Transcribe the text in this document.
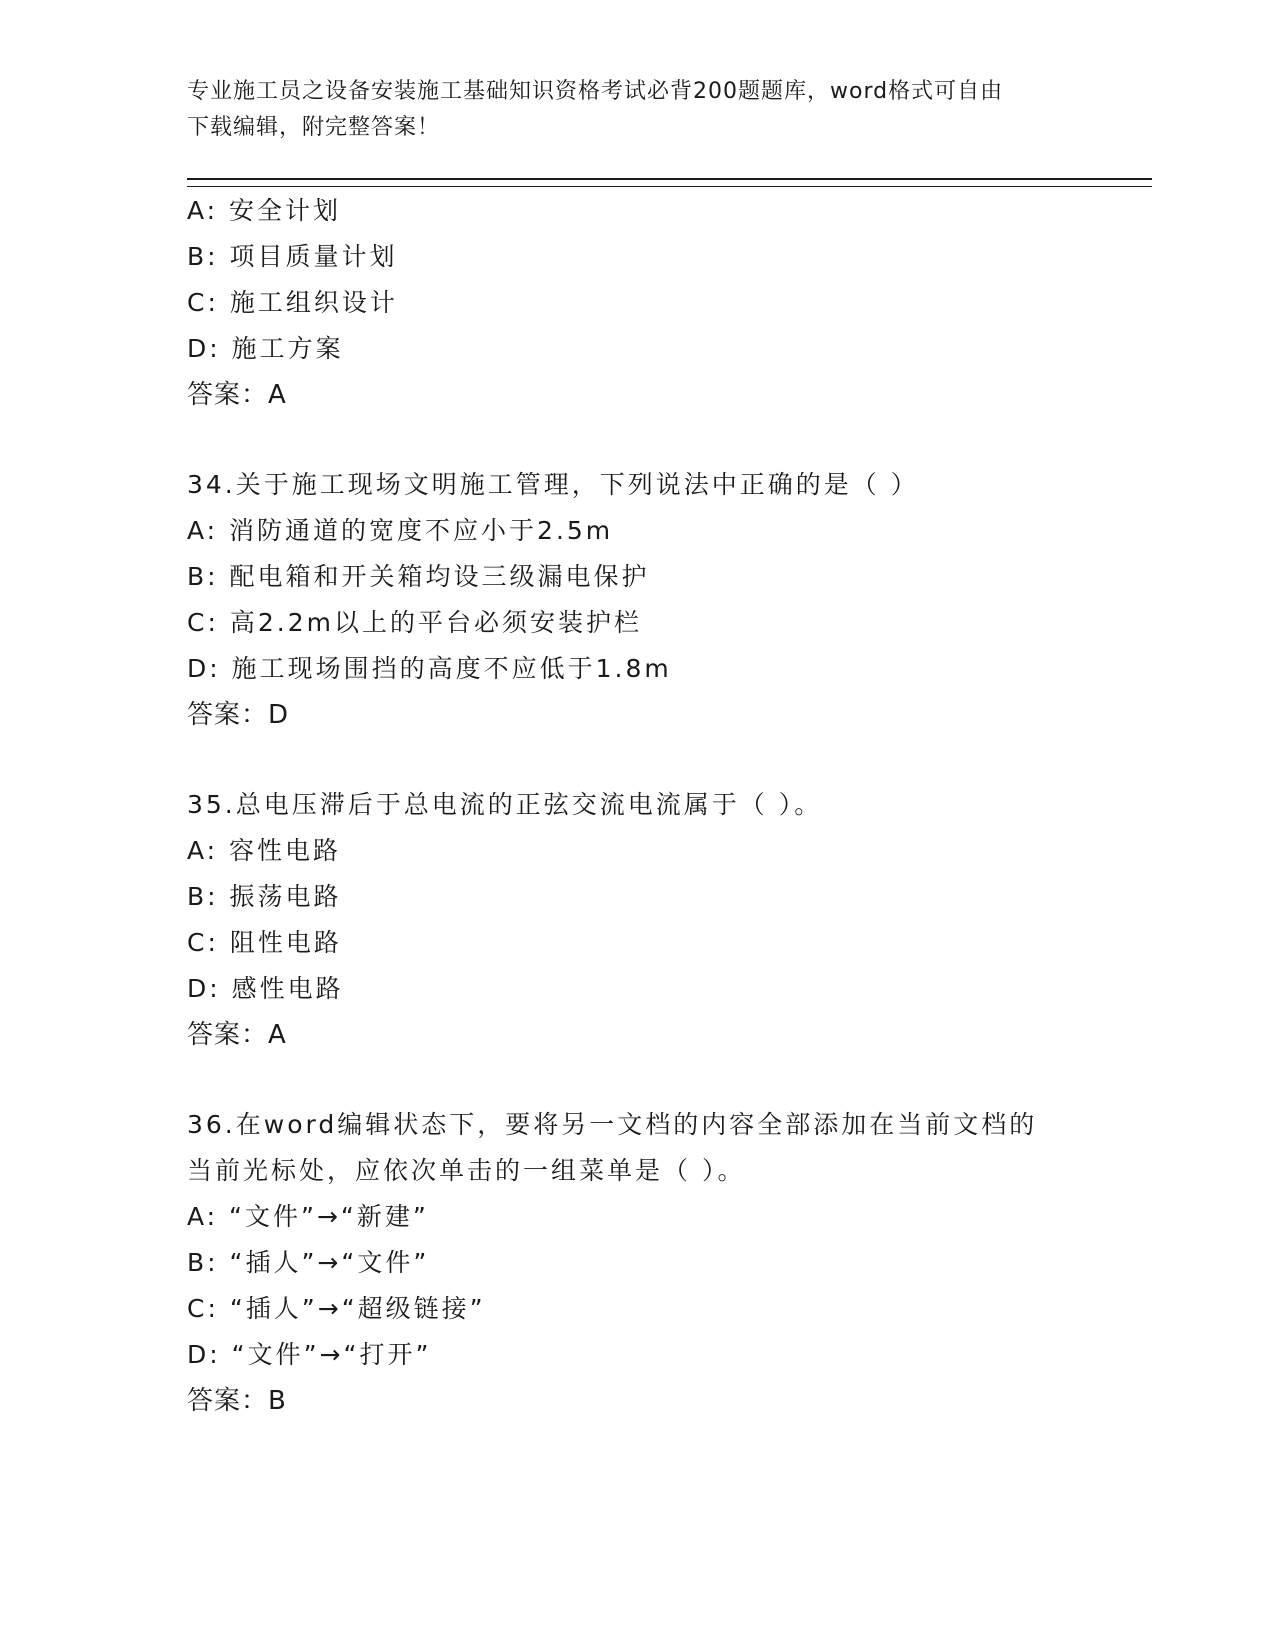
专业施工员之设备安装施工基础知识资格考试必背200题题库，word格式可自由
下载编辑，附完整答案！
A: 安全计划
B: 项目质量计划
C: 施工组织设计
D: 施工方案
答案：A
34.关于施工现场文明施工管理，下列说法中正确的是（ ）
A: 消防通道的宽度不应小于2.5m
B: 配电箱和开关箱均设三级漏电保护
C: 高2.2m以上的平台必须安装护栏
D: 施工现场围挡的高度不应低于1.8m
答案：D
35.总电压滞后于总电流的正弦交流电流属于（ ）。
A: 容性电路
B: 振荡电路
C: 阻性电路
D: 感性电路
答案：A
36.在word编辑状态下，要将另一文档的内容全部添加在当前文档的
当前光标处，应依次单击的一组菜单是（ ）。
A: “文件”→“新建”
B: “插人”→“文件”
C: “插人”→“超级链接”
D: “文件”→“打开”
答案：B
